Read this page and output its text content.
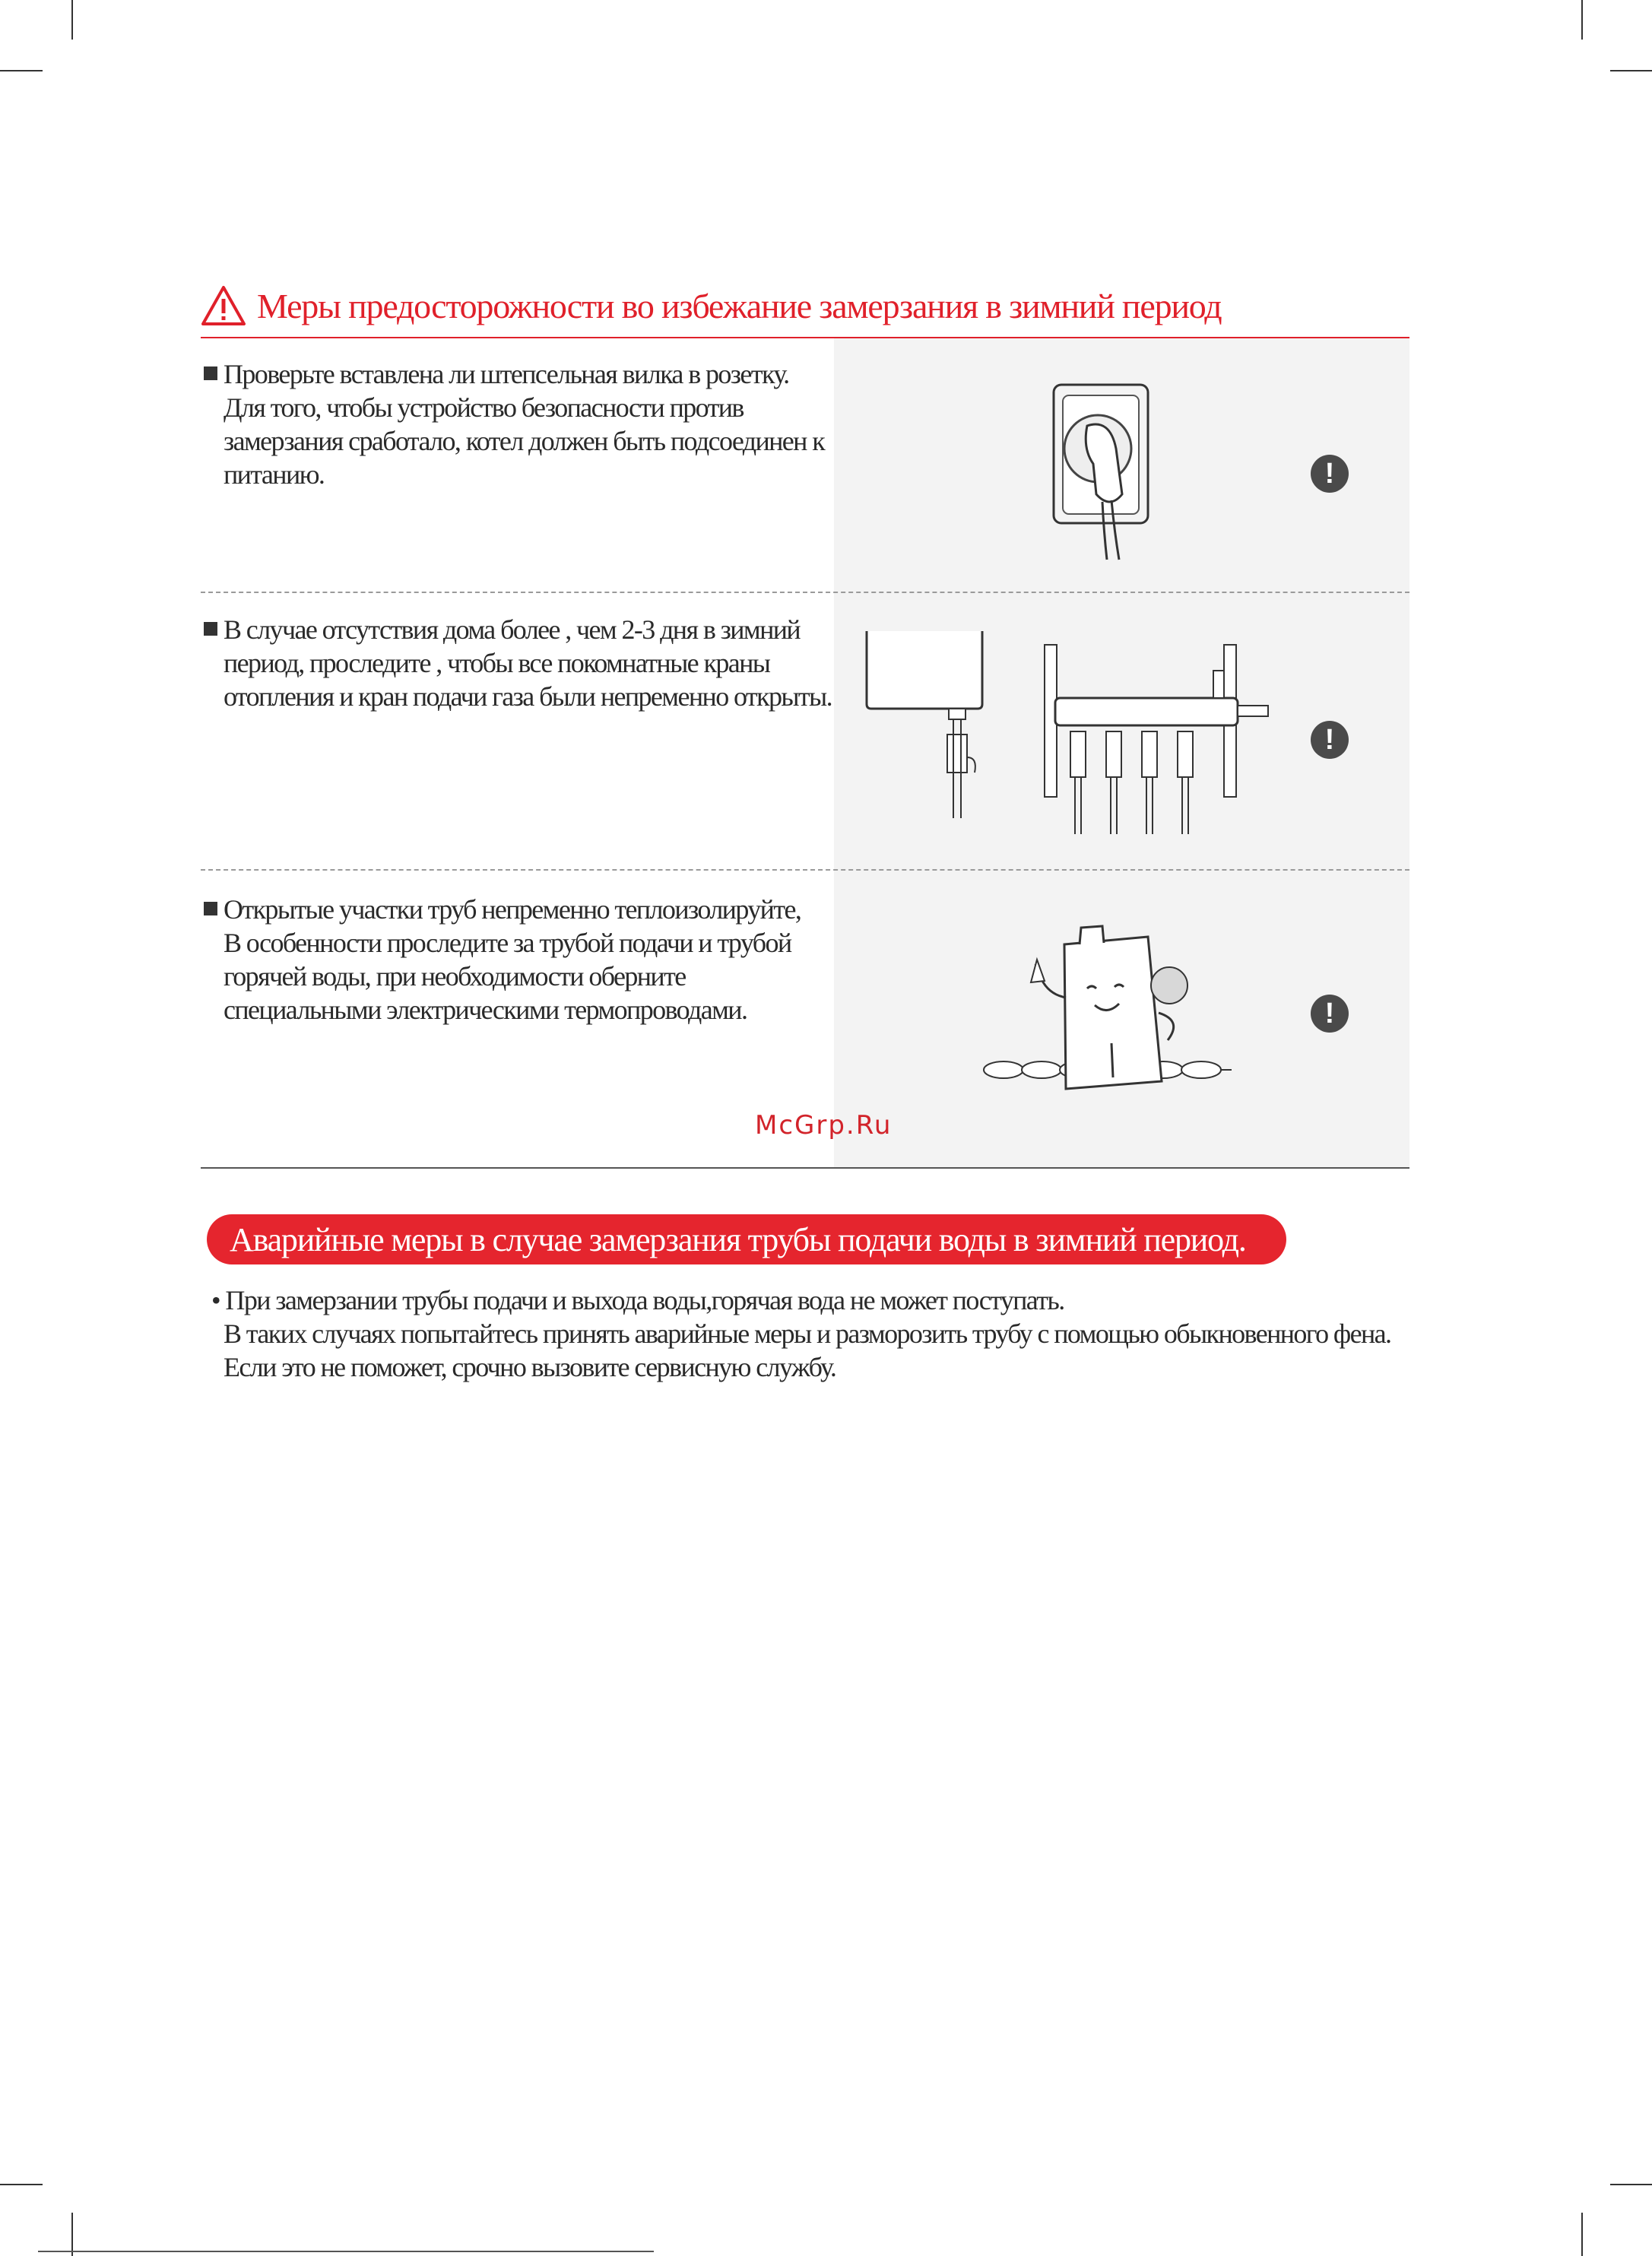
Меры предосторожности во избежание замерзания в зимний период

Проверьте вставлена ли штепсельная вилка в розетку.

Для того, чтобы устройство безопасности против

замерзания сработало, котел должен быть подсоединен к

питанию.	!

В случае отсутствия дома более , чем 2-3 дня в зимний

период, проследите , чтобы все покомнатные краны

отопления и кран подачи газа были непременно открыты.

!

Открытые участки труб непременно теплоизолируйте,

В особенности проследите за трубой подачи и трубой

горячей воды, при необходимости оберните

специальными электрическими термопроводами.	!
McGrp.Ru
Аварийные меры в случае замерзания трубы подачи воды в зимний период.

• При замерзании трубы подачи и выхода воды,горячая вода не может поступать.

В таких случаях попытайтесь принять аварийные меры и разморозить трубу с помощью обыкновенного фена.

Если это не поможет, срочно вызовите сервисную службу.
